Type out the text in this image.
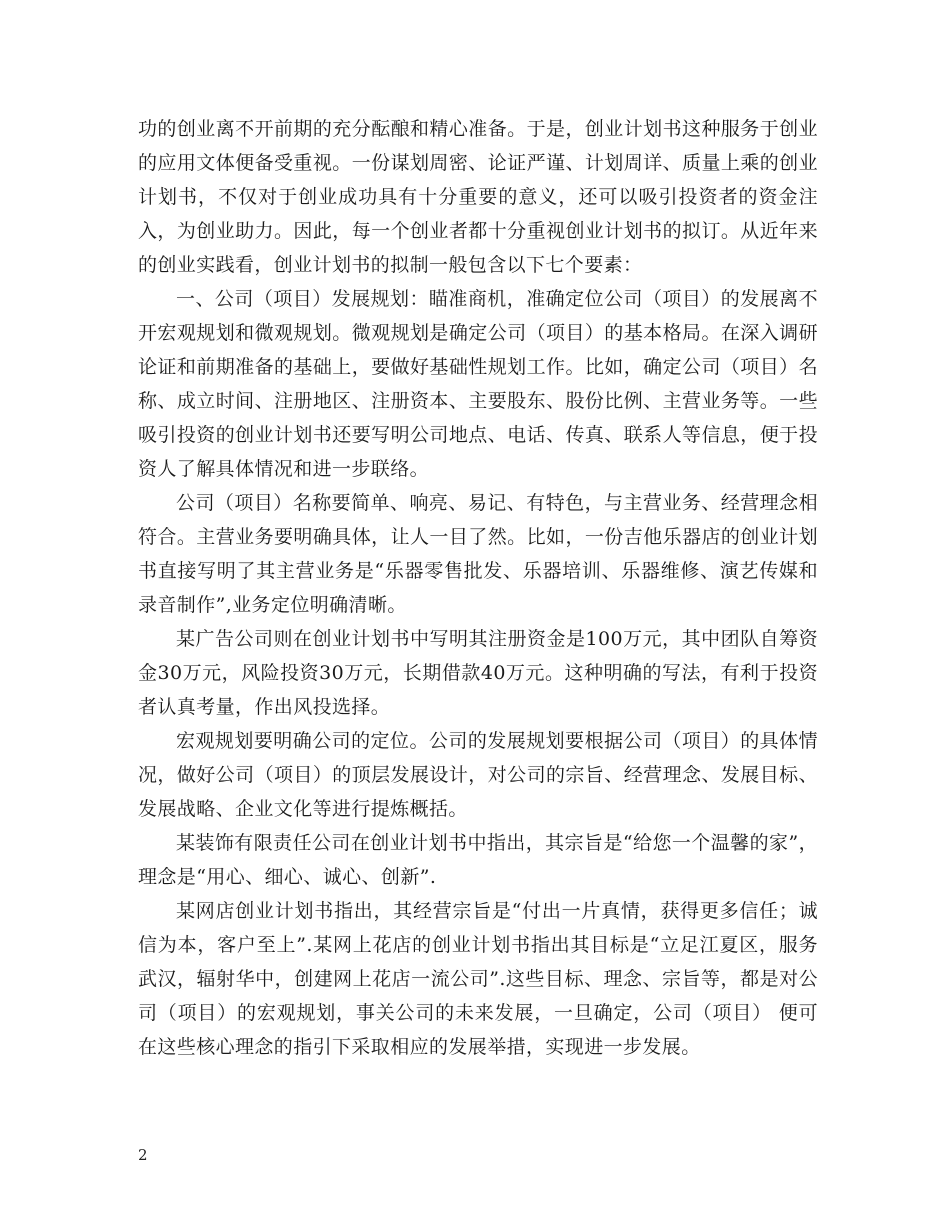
功的创业离不开前期的充分酝酿和精心准备。于是，创业计划书这种服务于创业的应用文体便备受重视。一份谋划周密、论证严谨、计划周详、质量上乘的创业计划书，不仅对于创业成功具有十分重要的意义，还可以吸引投资者的资金注入，为创业助力。因此，每一个创业者都十分重视创业计划书的拟订。从近年来的创业实践看，创业计划书的拟制一般包含以下七个要素：

一、公司（项目）发展规划：瞄准商机，准确定位公司（项目）的发展离不开宏观规划和微观规划。微观规划是确定公司（项目）的基本格局。在深入调研论证和前期准备的基础上，要做好基础性规划工作。比如，确定公司（项目）名称、成立时间、注册地区、注册资本、主要股东、股份比例、主营业务等。一些吸引投资的创业计划书还要写明公司地点、电话、传真、联系人等信息，便于投资人了解具体情况和进一步联络。

公司（项目）名称要简单、响亮、易记、有特色，与主营业务、经营理念相符合。主营业务要明确具体，让人一目了然。比如，一份吉他乐器店的创业计划书直接写明了其主营业务是“乐器零售批发、乐器培训、乐器维修、演艺传媒和录音制作”,业务定位明确清晰。

某广告公司则在创业计划书中写明其注册资金是100万元，其中团队自筹资金30万元，风险投资30万元，长期借款40万元。这种明确的写法，有利于投资者认真考量，作出风投选择。

宏观规划要明确公司的定位。公司的发展规划要根据公司（项目）的具体情况，做好公司（项目）的顶层发展设计，对公司的宗旨、经营理念、发展目标、发展战略、企业文化等进行提炼概括。

某装饰有限责任公司在创业计划书中指出，其宗旨是“给您一个温馨的家”，理念是“用心、细心、诚心、创新”.

某网店创业计划书指出，其经营宗旨是“付出一片真情，获得更多信任；诚信为本，客户至上”.某网上花店的创业计划书指出其目标是“立足江夏区，服务武汉，辐射华中，创建网上花店一流公司”.这些目标、理念、宗旨等，都是对公司（项目）的宏观规划，事关公司的未来发展，一旦确定，公司（项目） 便可在这些核心理念的指引下采取相应的发展举措，实现进一步发展。

2
